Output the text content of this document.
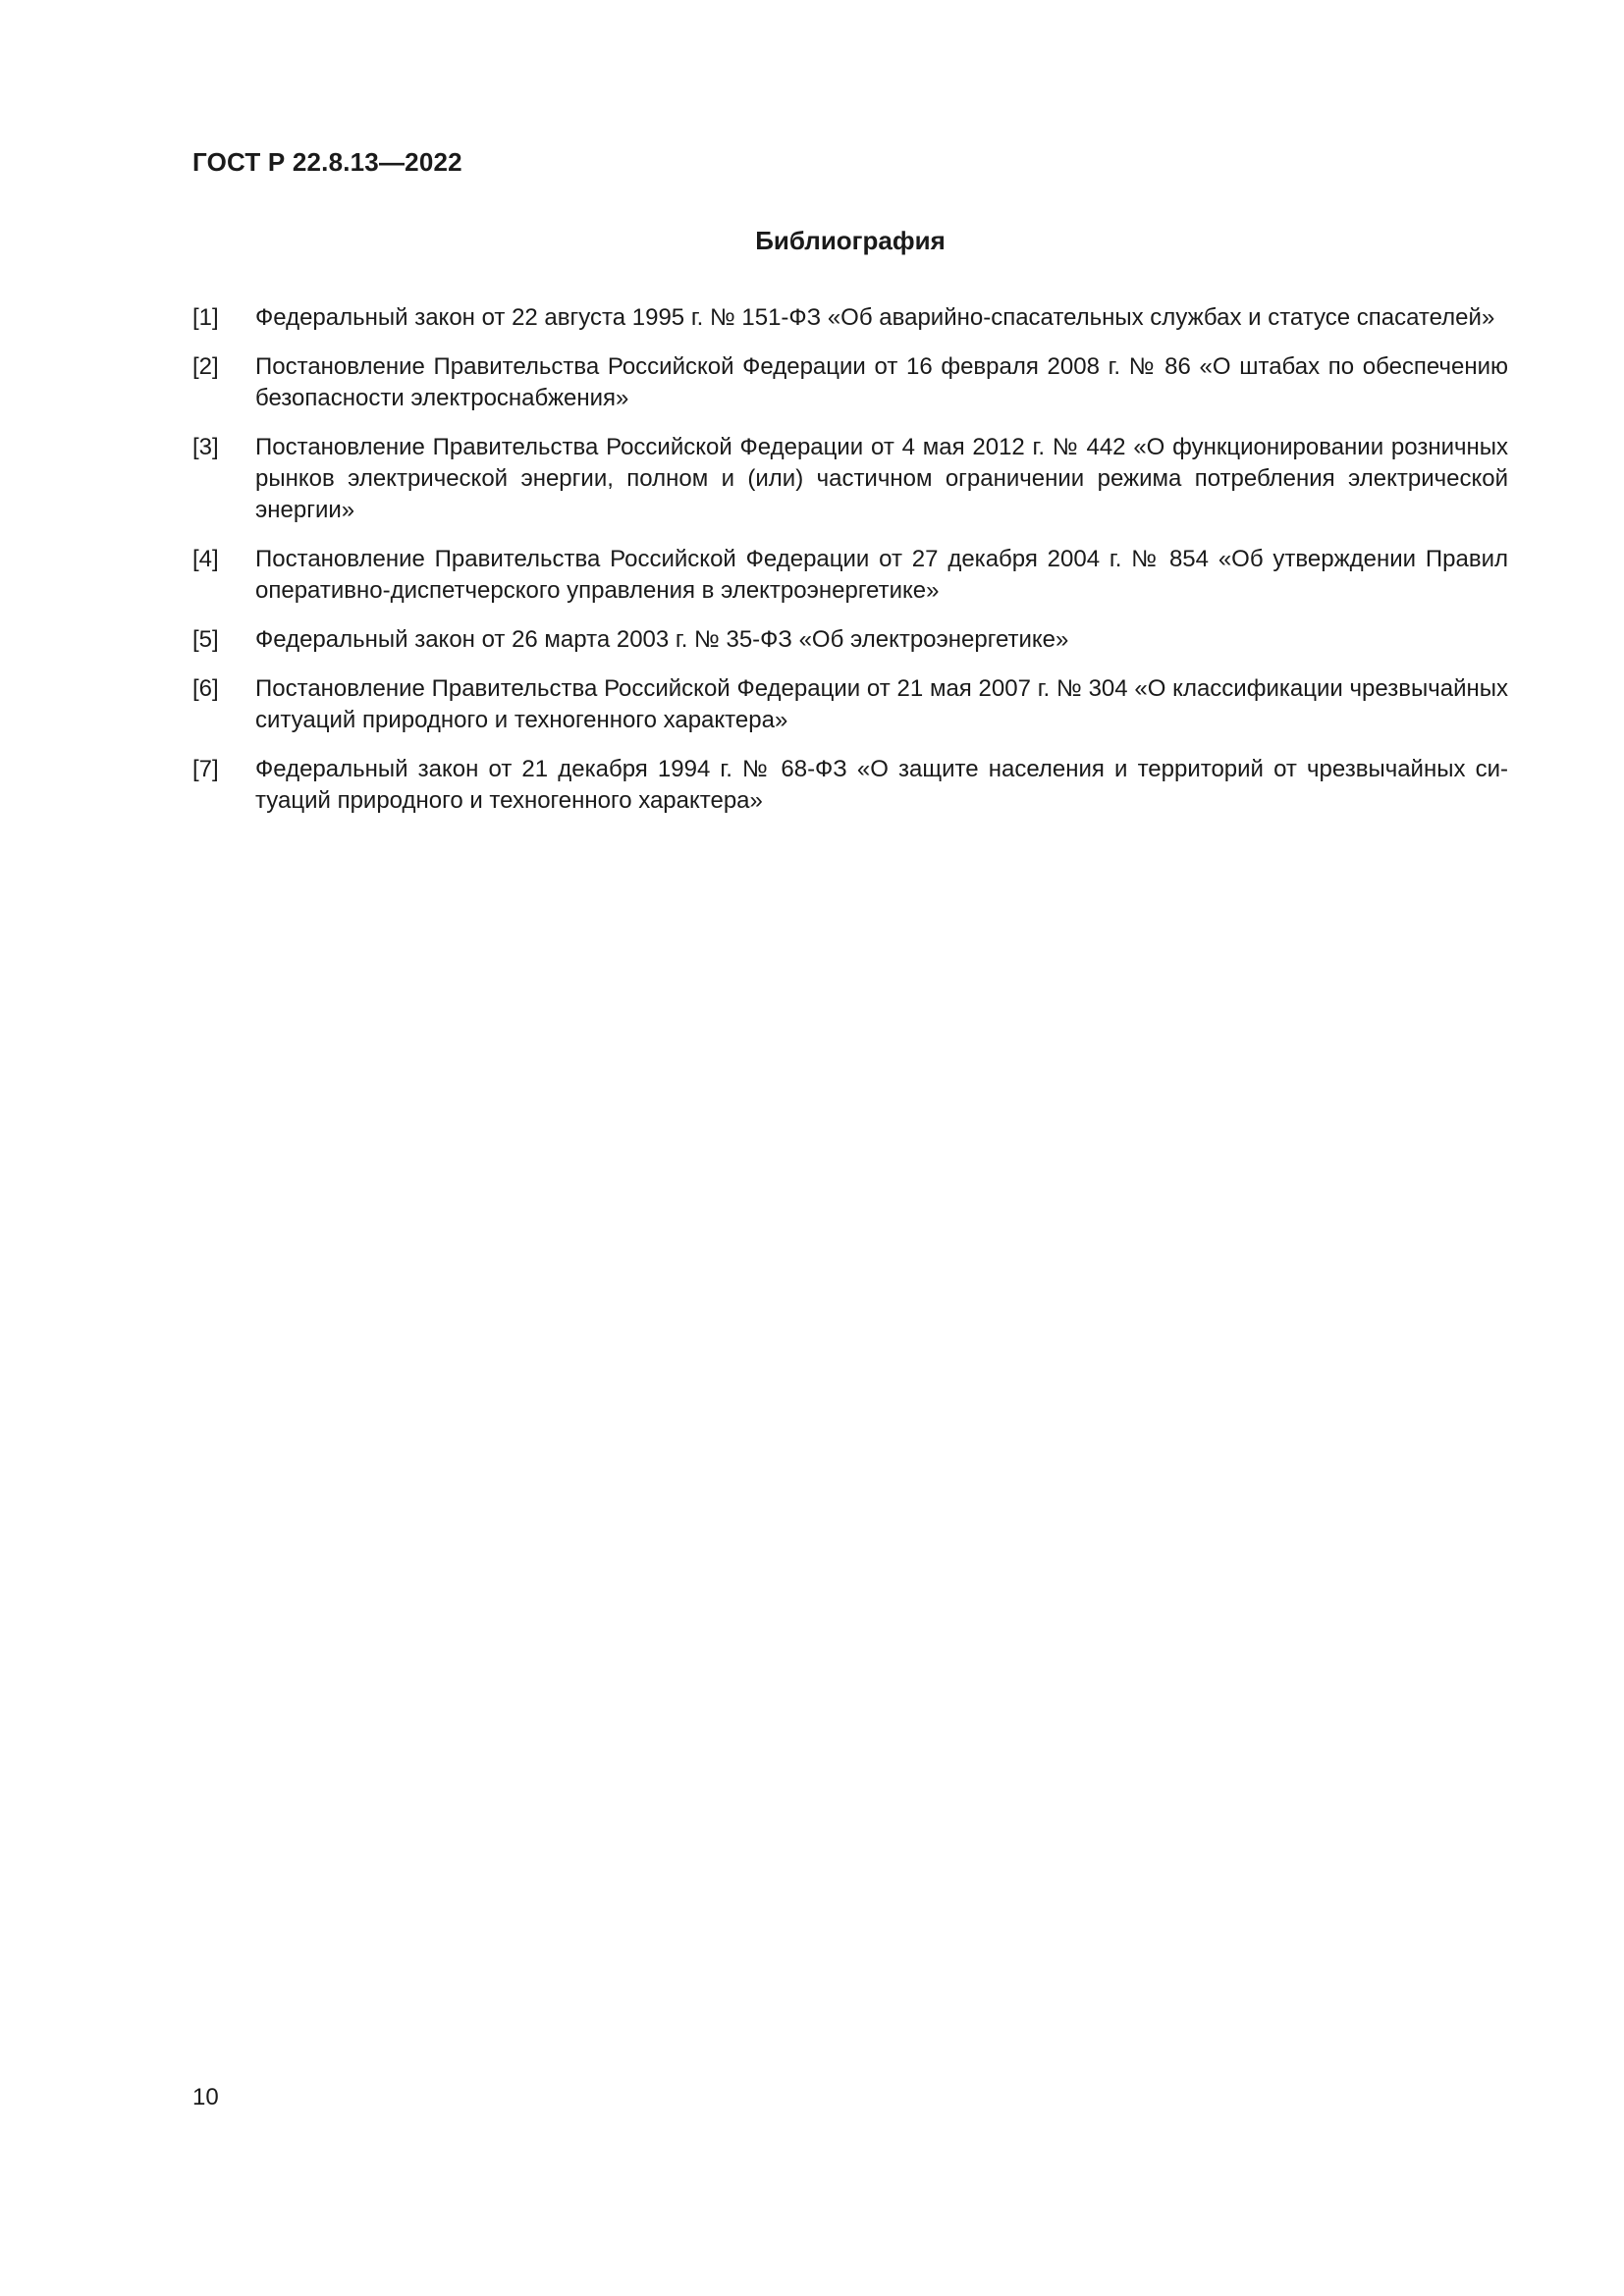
ГОСТ Р 22.8.13—2022
Библиография
[1]	Федеральный закон от 22 августа 1995 г. № 151-ФЗ «Об аварийно-спасательных службах и статусе спасателей»
[2]	Постановление Правительства Российской Федерации от 16 февраля 2008 г. № 86 «О штабах по обеспечению безопасности электроснабжения»
[3]	Постановление Правительства Российской Федерации от 4 мая 2012 г. № 442 «О функционировании розничных рынков электрической энергии, полном и (или) частичном ограничении режима потребления электрической энергии»
[4]	Постановление Правительства Российской Федерации от 27 декабря 2004 г. № 854 «Об утверждении Правил оперативно-диспетчерского управления в электроэнергетике»
[5]	Федеральный закон от 26 марта 2003 г. № 35-ФЗ «Об электроэнергетике»
[6]	Постановление Правительства Российской Федерации от 21 мая 2007 г. № 304 «О классификации чрезвычайных ситуаций природного и техногенного характера»
[7]	Федеральный закон от 21 декабря 1994 г. № 68-ФЗ «О защите населения и территорий от чрезвычайных ситуаций природного и техногенного характера»
10
